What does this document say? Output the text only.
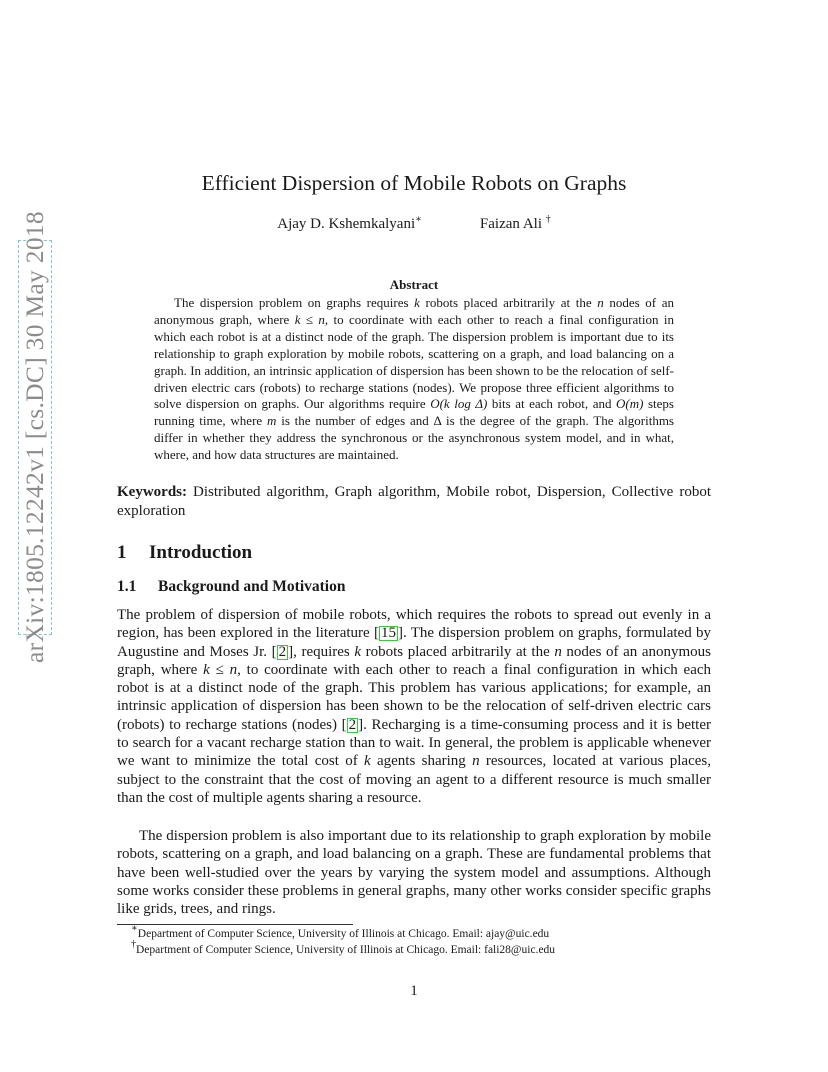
arXiv:1805.12242v1 [cs.DC] 30 May 2018
Efficient Dispersion of Mobile Robots on Graphs
Ajay D. Kshemkalyani∗	Faizan Ali †
Abstract
The dispersion problem on graphs requires k robots placed arbitrarily at the n nodes of an anonymous graph, where k ≤ n, to coordinate with each other to reach a final configuration in which each robot is at a distinct node of the graph. The dispersion problem is important due to its relationship to graph exploration by mobile robots, scattering on a graph, and load balancing on a graph. In addition, an intrinsic application of dispersion has been shown to be the relocation of self-driven electric cars (robots) to recharge stations (nodes). We propose three efficient algorithms to solve dispersion on graphs. Our algorithms require O(k log Δ) bits at each robot, and O(m) steps running time, where m is the number of edges and Δ is the degree of the graph. The algorithms differ in whether they address the synchronous or the asynchronous system model, and in what, where, and how data structures are maintained.
Keywords: Distributed algorithm, Graph algorithm, Mobile robot, Dispersion, Collective robot exploration
1 Introduction
1.1 Background and Motivation
The problem of dispersion of mobile robots, which requires the robots to spread out evenly in a region, has been explored in the literature [ 15 ]. The dispersion problem on graphs, formulated by Augustine and Moses Jr. [ 2 ], requires k robots placed arbitrarily at the n nodes of an anonymous graph, where k ≤ n, to coordinate with each other to reach a final configuration in which each robot is at a distinct node of the graph. This problem has various applications; for example, an intrinsic application of dispersion has been shown to be the relocation of self-driven electric cars (robots) to recharge stations (nodes) [ 2 ]. Recharging is a time-consuming process and it is better to search for a vacant recharge station than to wait. In general, the problem is applicable whenever we want to minimize the total cost of k agents sharing n resources, located at various places, subject to the constraint that the cost of moving an agent to a different resource is much smaller than the cost of multiple agents sharing a resource.
The dispersion problem is also important due to its relationship to graph exploration by mobile robots, scattering on a graph, and load balancing on a graph. These are fundamental problems that have been well-studied over the years by varying the system model and assumptions. Although some works consider these problems in general graphs, many other works consider specific graphs like grids, trees, and rings.
∗Department of Computer Science, University of Illinois at Chicago. Email: ajay@uic.edu
†Department of Computer Science, University of Illinois at Chicago. Email: fali28@uic.edu
1
